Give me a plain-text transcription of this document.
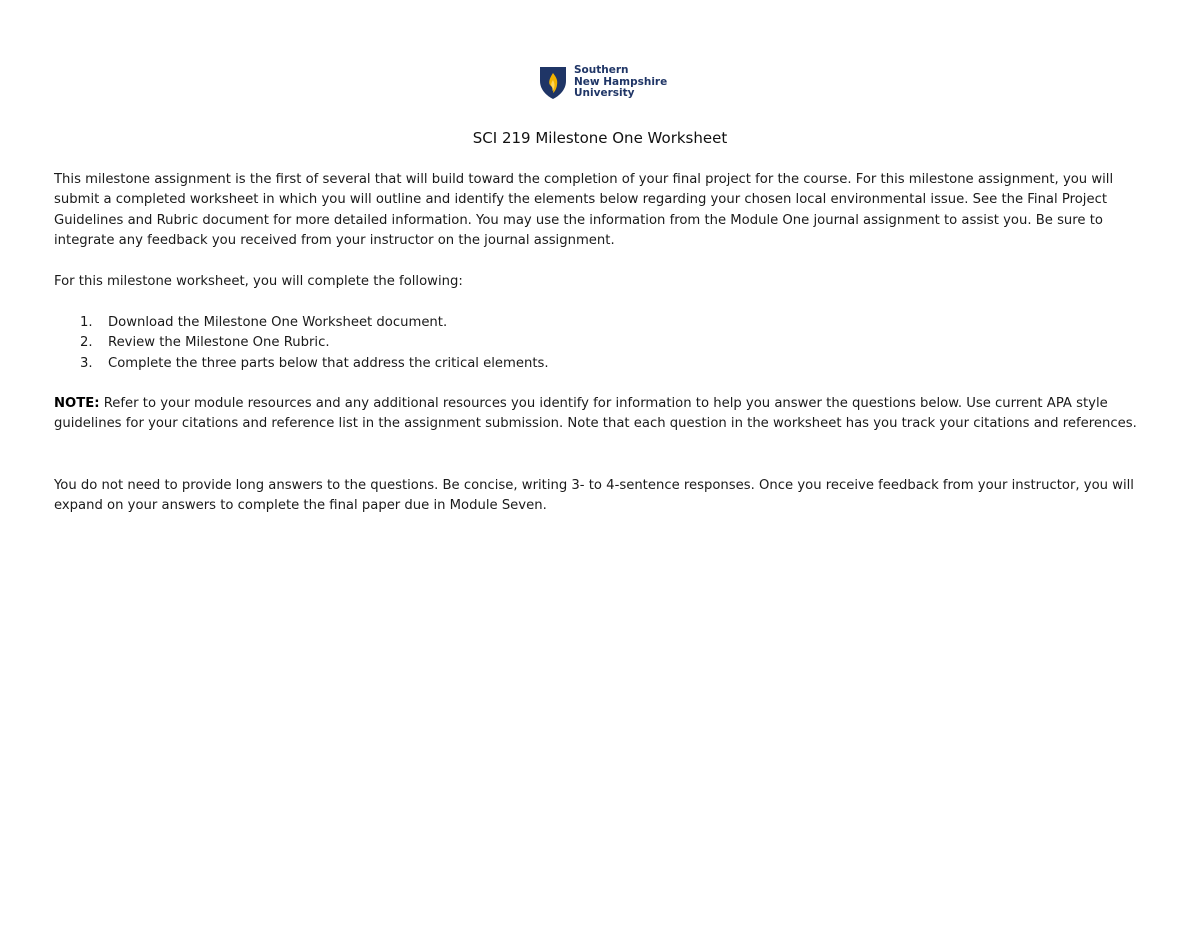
Southern
New Hampshire
University
SCI 219 Milestone One Worksheet
This milestone assignment is the first of several that will build toward the completion of your final project for the course. For this milestone assignment, you will submit a completed worksheet in which you will outline and identify the elements below regarding your chosen local environmental issue. See the Final Project Guidelines and Rubric document for more detailed information. You may use the information from the Module One journal assignment to assist you. Be sure to integrate any feedback you received from your instructor on the journal assignment.
For this milestone worksheet, you will complete the following:
1.	Download the Milestone One Worksheet document.
2.	Review the Milestone One Rubric.
3.	Complete the three parts below that address the critical elements.
NOTE: Refer to your module resources and any additional resources you identify for information to help you answer the questions below. Use current APA style guidelines for your citations and reference list in the assignment submission. Note that each question in the worksheet has you track your citations and references.
You do not need to provide long answers to the questions. Be concise, writing 3- to 4-sentence responses. Once you receive feedback from your instructor, you will expand on your answers to complete the final paper due in Module Seven.
